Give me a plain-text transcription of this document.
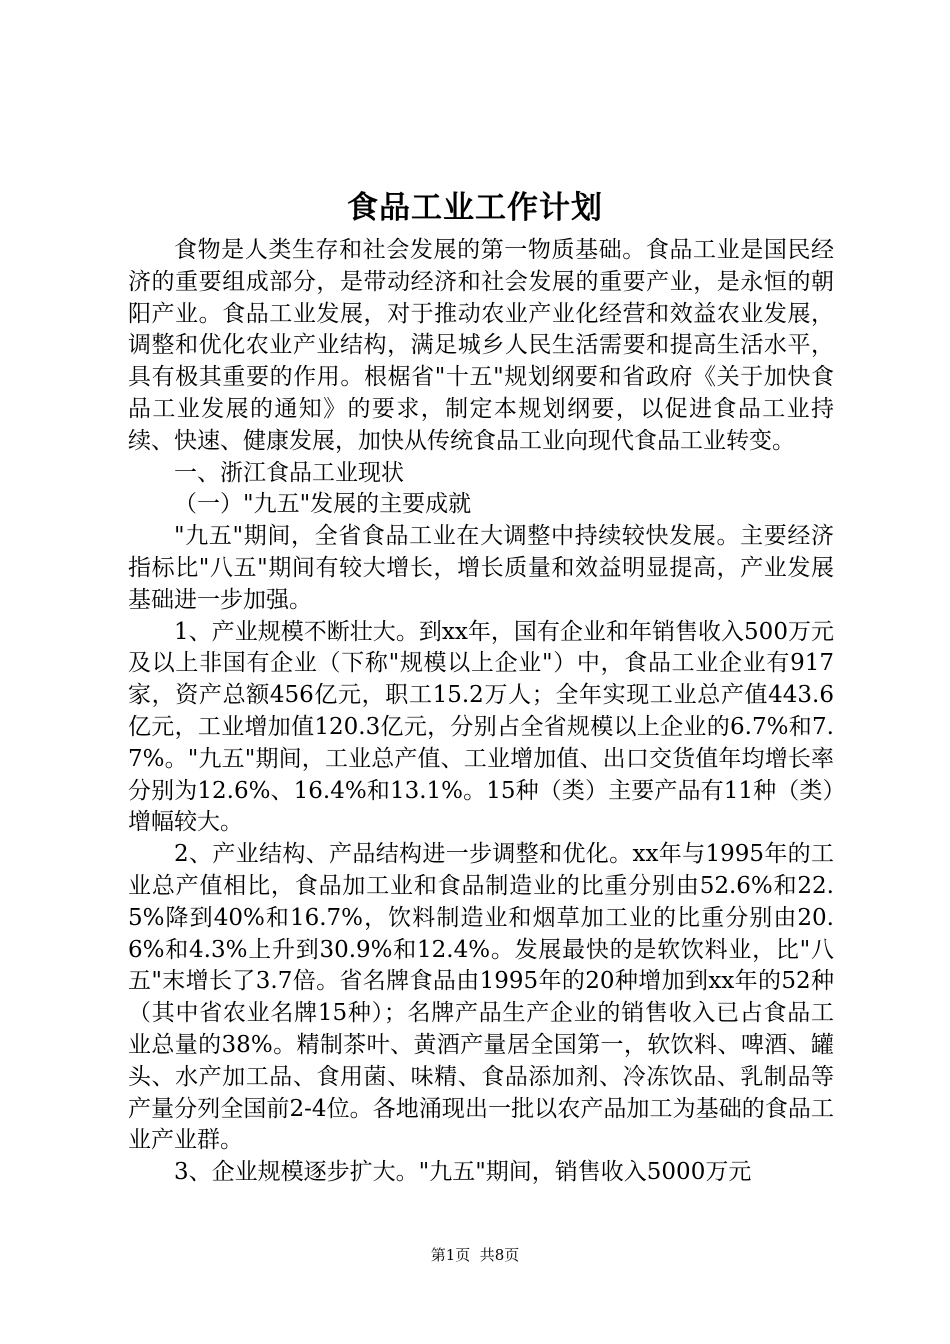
食品工业工作计划

食物是人类生存和社会发展的第一物质基础。食品工业是国民经济的重要组成部分，是带动经济和社会发展的重要产业，是永恒的朝阳产业。食品工业发展，对于推动农业产业化经营和效益农业发展，调整和优化农业产业结构，满足城乡人民生活需要和提高生活水平，具有极其重要的作用。根椐省"十五"规划纲要和省政府《关于加快食品工业发展的通知》的要求，制定本规划纲要，以促进食品工业持续、快速、健康发展，加快从传统食品工业向现代食品工业转变。

一、浙江食品工业现状

（一）"九五"发展的主要成就

"九五"期间，全省食品工业在大调整中持续较快发展。主要经济指标比"八五"期间有较大增长，增长质量和效益明显提高，产业发展基础进一步加强。

1、产业规模不断壮大。到xx年，国有企业和年销售收入500万元及以上非国有企业（下称"规模以上企业"）中，食品工业企业有917家，资产总额456亿元，职工15.2万人；全年实现工业总产值443.6亿元，工业增加值120.3亿元，分别占全省规模以上企业的6.7%和7.7%。"九五"期间，工业总产值、工业增加值、出口交货值年均增长率分别为12.6%、16.4%和13.1%。15种（类）主要产品有11种（类）增幅较大。

2、产业结构、产品结构进一步调整和优化。xx年与1995年的工业总产值相比，食品加工业和食品制造业的比重分别由52.6%和22.5%降到40%和16.7%，饮料制造业和烟草加工业的比重分别由20.6%和4.3%上升到30.9%和12.4%。发展最快的是软饮料业，比"八五"末增长了3.7倍。省名牌食品由1995年的20种增加到xx年的52种（其中省农业名牌15种）；名牌产品生产企业的销售收入已占食品工业总量的38%。精制茶叶、黄酒产量居全国第一，软饮料、啤酒、罐头、水产加工品、食用菌、味精、食品添加剂、冷冻饮品、乳制品等产量分列全国前2-4位。各地涌现出一批以农产品加工为基础的食品工业产业群。

3、企业规模逐步扩大。"九五"期间，销售收入5000万元

第1页  共8页
